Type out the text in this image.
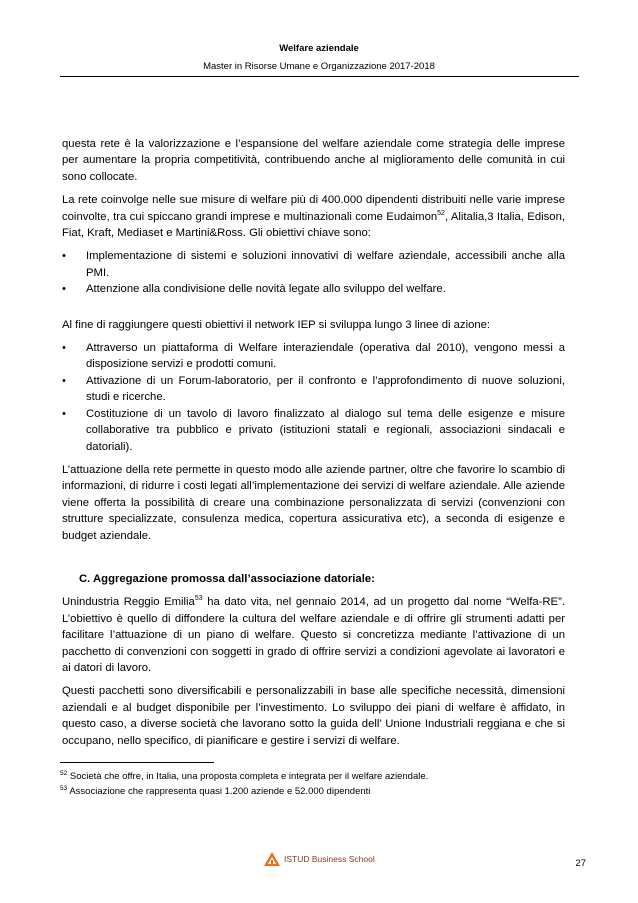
Welfare aziendale
Master in Risorse Umane e Organizzazione 2017-2018

questa rete è la valorizzazione e l’espansione del welfare aziendale come strategia delle imprese per aumentare la propria competitività, contribuendo anche al miglioramento delle comunità in cui sono collocate.

La rete coinvolge nelle sue misure di welfare più di 400.000 dipendenti distribuiti nelle varie imprese coinvolte, tra cui spiccano grandi imprese e multinazionali come Eudaimon$^{52}$, Alitalia,3 Italia, Edison, Fiat, Kraft, Mediaset e Martini&Ross. Gli obiettivi chiave sono:

• Implementazione di sistemi e soluzioni innovativi di welfare aziendale, accessibili anche alla PMI.
• Attenzione alla condivisione delle novità legate allo sviluppo del welfare.

Al fine di raggiungere questi obiettivi il network IEP si sviluppa lungo 3 linee di azione:

• Attraverso un piattaforma di Welfare interaziendale (operativa dal 2010), vengono messi a disposizione servizi e prodotti comuni.
• Attivazione di un Forum-laboratorio, per il confronto e l’approfondimento di nuove soluzioni, studi e ricerche.
• Costituzione di un tavolo di lavoro finalizzato al dialogo sul tema delle esigenze e misure collaborative tra pubblico e privato (istituzioni statali e regionali, associazioni sindacali e datoriali).

L’attuazione della rete permette in questo modo alle aziende partner, oltre che favorire lo scambio di informazioni, di ridurre i costi legati all’implementazione dei servizi di welfare aziendale. Alle aziende viene offerta la possibilità di creare una combinazione personalizzata di servizi (convenzioni con strutture specializzate, consulenza medica, copertura assicurativa etc), a seconda di esigenze e budget aziendale.

C. Aggregazione promossa dall’associazione datoriale:

Unindustria Reggio Emilia$^{53}$ ha dato vita, nel gennaio 2014, ad un progetto dal nome “Welfa-RE”. L’obiettivo è quello di diffondere la cultura del welfare aziendale e di offrire gli strumenti adatti per facilitare l’attuazione di un piano di welfare. Questo si concretizza mediante l’attivazione di un pacchetto di convenzioni con soggetti in grado di offrire servizi a condizioni agevolate ai lavoratori e ai datori di lavoro.

Questi pacchetti sono diversificabili e personalizzabili in base alle specifiche necessità, dimensioni aziendali e al budget disponibile per l’investimento. Lo sviluppo dei piani di welfare è affidato, in questo caso, a diverse società che lavorano sotto la guida dell’ Unione Industriali reggiana e che si occupano, nello specifico, di pianificare e gestire i servizi di welfare.

$^{52}$ Società che offre, in Italia, una proposta completa e integrata per il welfare aziendale.
$^{53}$ Associazione che rappresenta quasi 1.200 aziende e 52.000 dipendenti
ISTUD Business School	27
